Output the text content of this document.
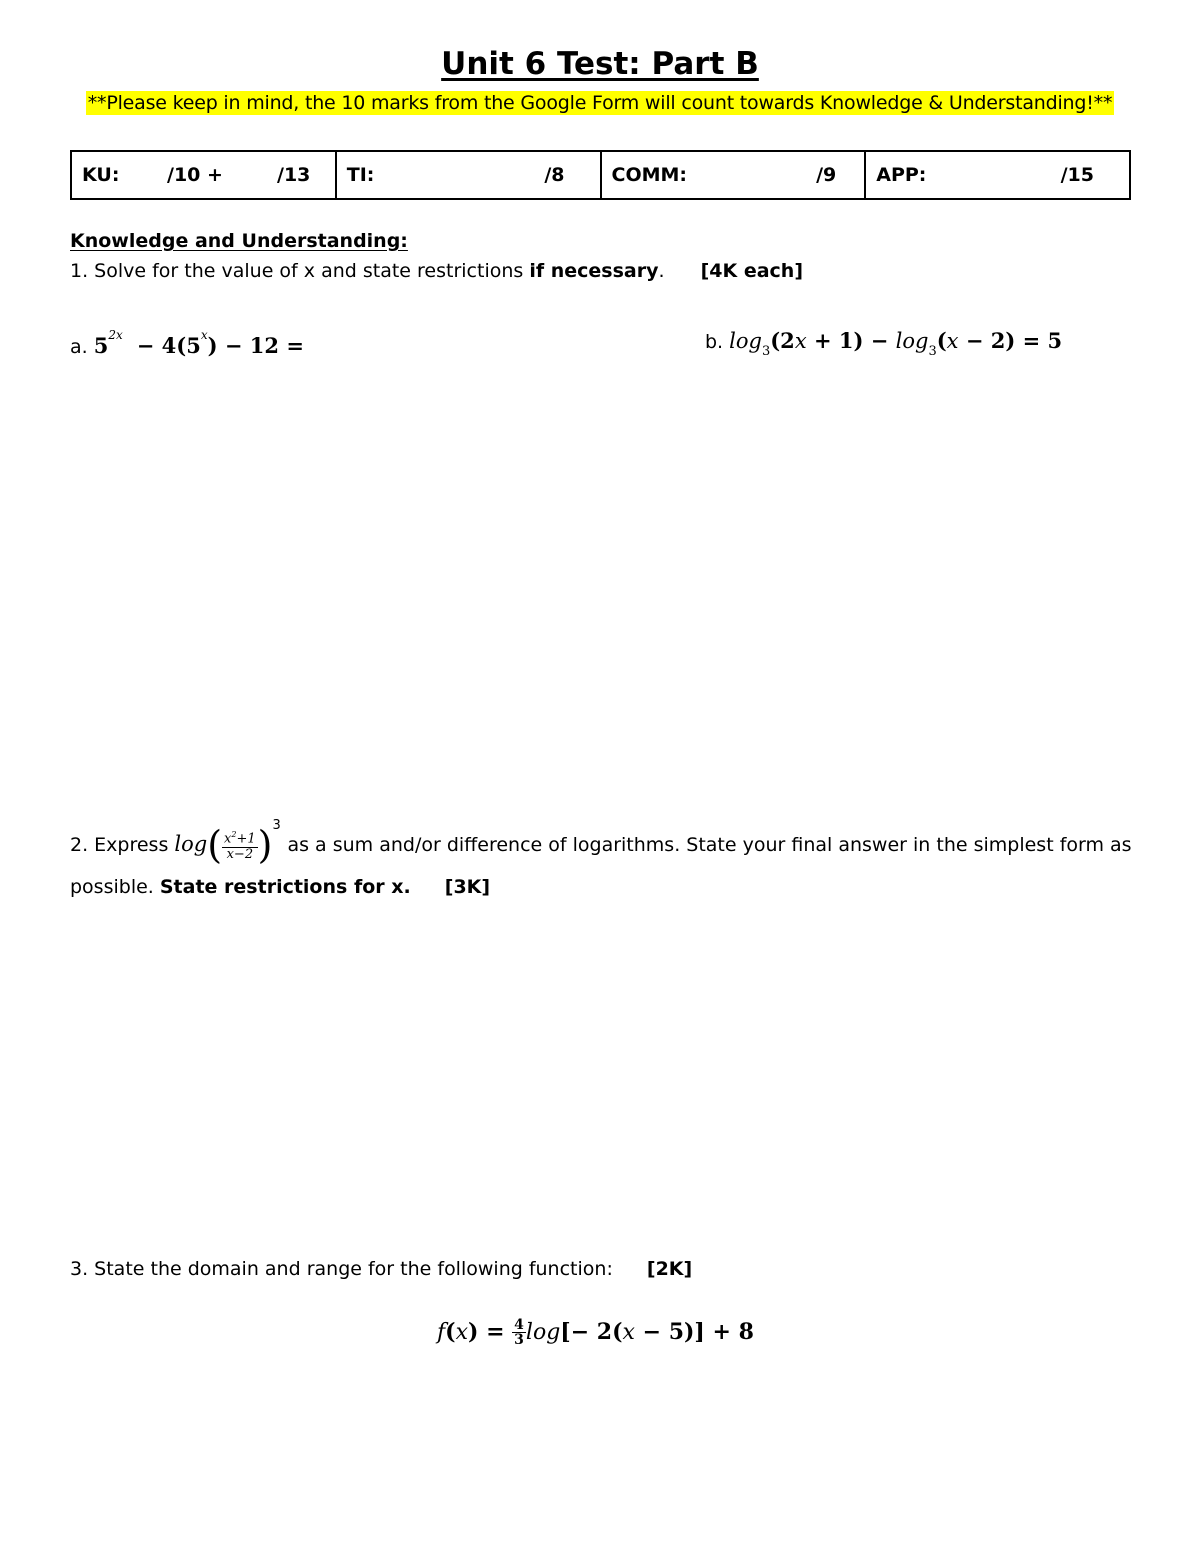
Unit 6 Test: Part B
**Please keep in mind, the 10 marks from the Google Form will count towards Knowledge & Understanding!**
KU:	/10 +	/13	TI:	/8	COMM:	/9	APP:	/15
Knowledge and Understanding:
1. Solve for the value of x and state restrictions if necessary. [4K each]
a. $5^{2x} - 4(5^x) - 12$ =	b. $\log_3(2x + 1) - \log_3(x - 2) = 5$
2. Express $\log( \frac{x^2+1}{x-2} )^3$ as a sum and/or difference of logarithms. State your final answer in the simplest form as
possible. State restrictions for x. [3K]
3. State the domain and range for the following function: [2K]
$f(x) = \frac{4}{3} \log[- 2(x - 5)] + 8$
